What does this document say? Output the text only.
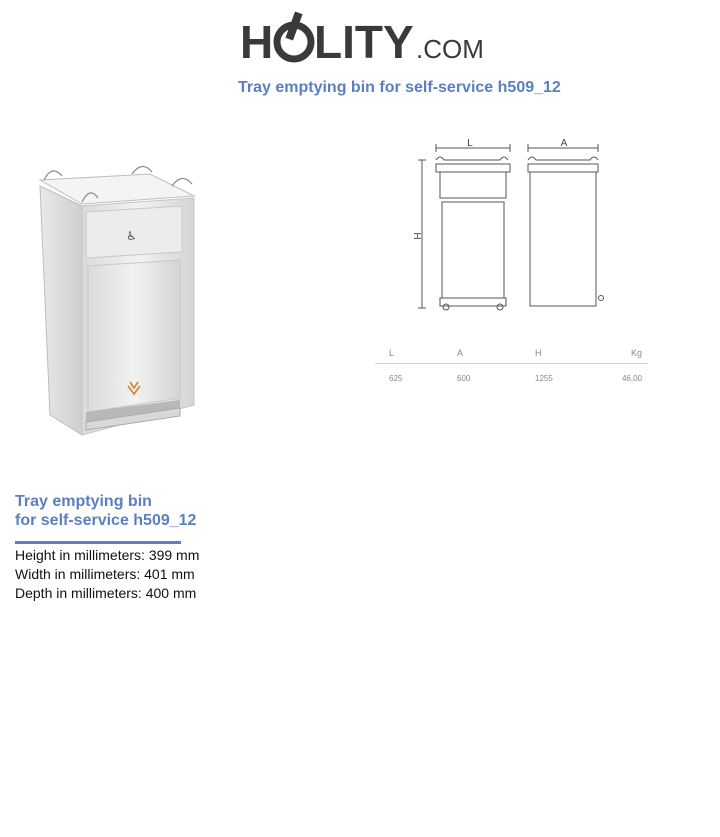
H LITY .COM
Tray emptying bin for self-service h509_12
♿
L	A
H
L	A	H	Kg
625	600	1255	46,00
Tray emptying bin
for self-service h509_12
Height in millimeters: 399 mm
Width in millimeters: 401 mm
Depth in millimeters: 400 mm
